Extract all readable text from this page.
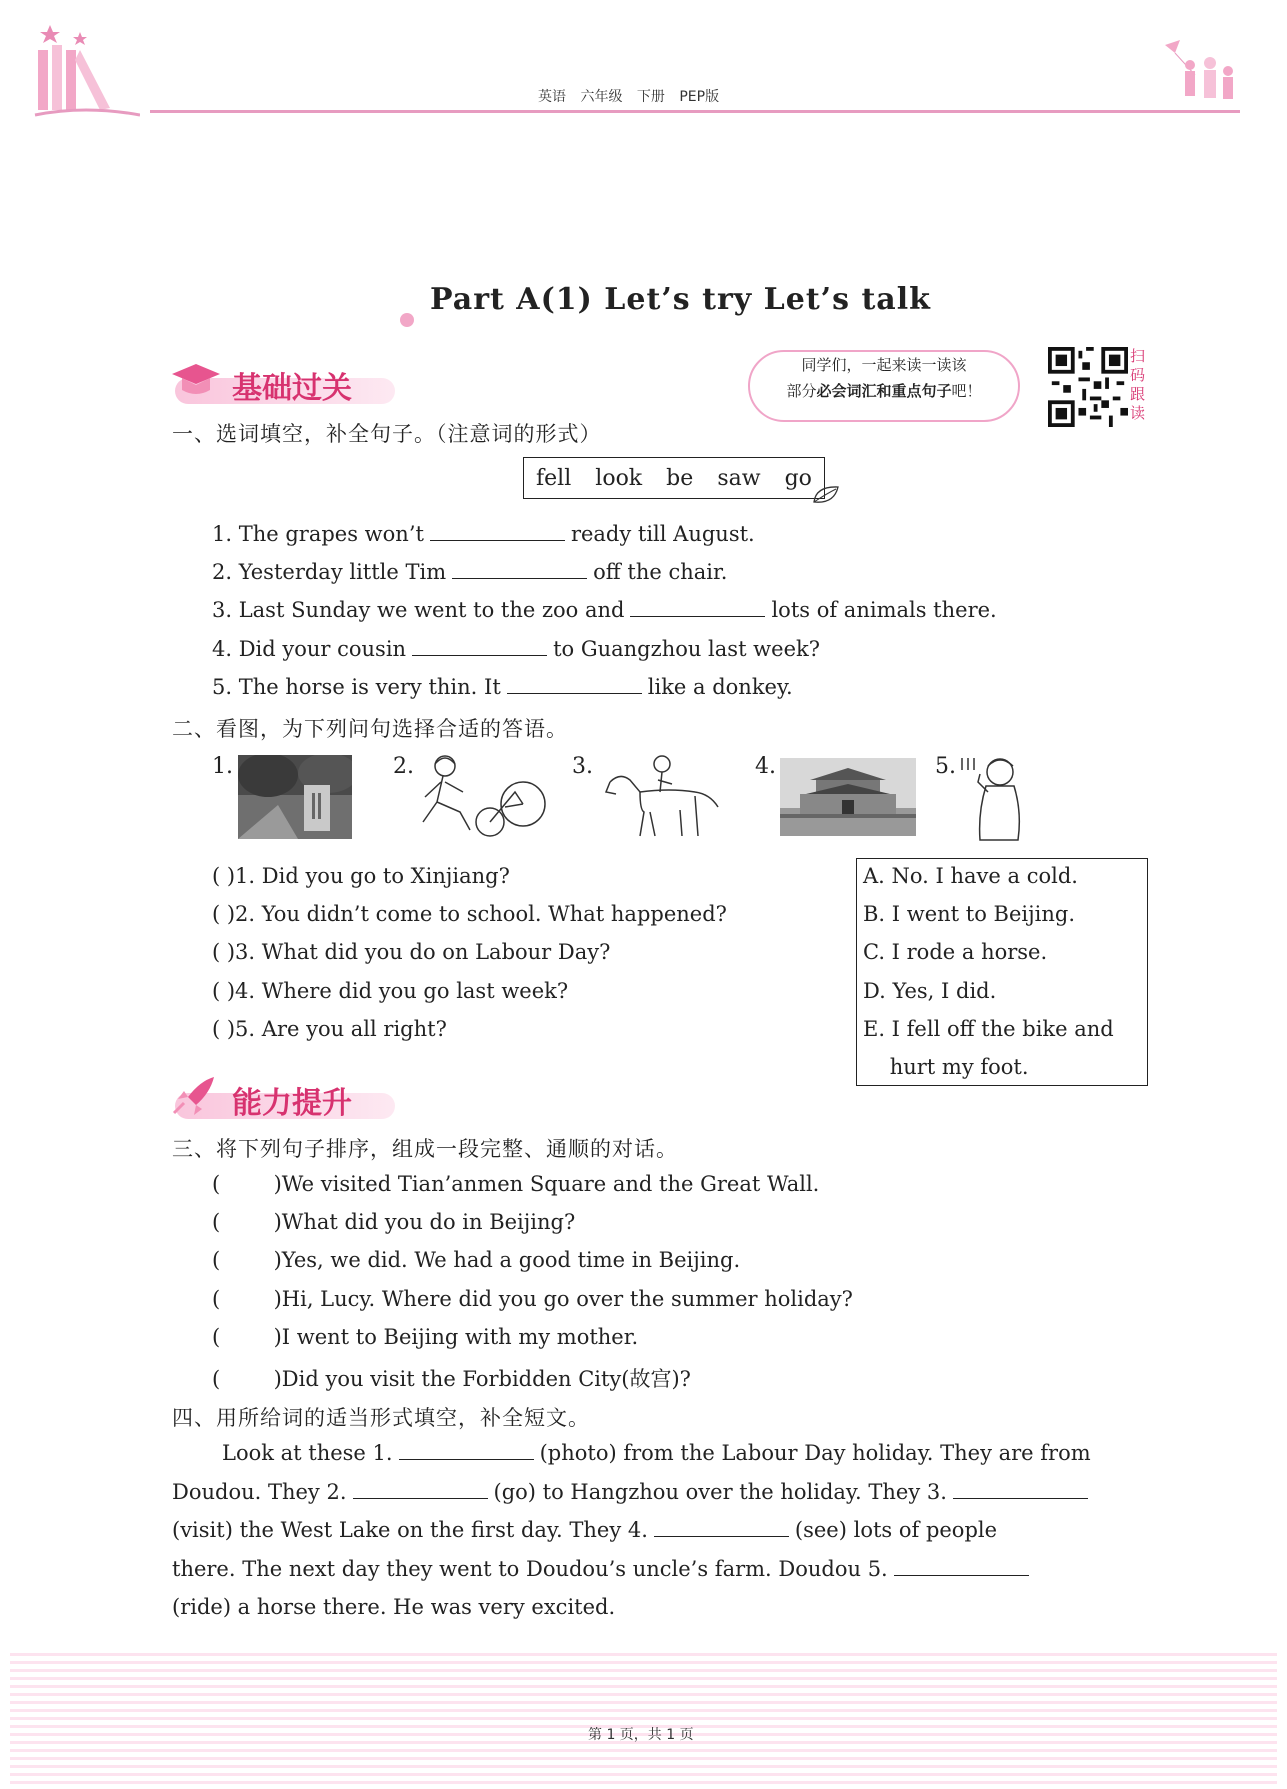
英语 六年级 下册 PEP版
Part A(1) Let’s try Let’s talk
基础过关
同学们，一起来读一读该
部分必会词汇和重点句子吧！
扫码跟读
一、选词填空，补全句子。（注意词的形式）
fell look be saw go
1. The grapes won’t	ready till August.
2. Yesterday little Tim	off the chair.
3. Last Sunday we went to the zoo and	lots of animals there.
4. Did your cousin	to Guangzhou last week?
5. The horse is very thin. It	like a donkey.
二、看图，为下列问句选择合适的答语。
1.	2.	3.	4.	5.
( )1. Did you go to Xinjiang?
( )2. You didn’t come to school. What happened?
( )3. What did you do on Labour Day?
( )4. Where did you go last week?
( )5. Are you all right?
A. No. I have a cold.
B. I went to Beijing.
C. I rode a horse.
D. Yes, I did.
E. I fell off the bike and
hurt my foot.
能力提升
三、将下列句子排序，组成一段完整、通顺的对话。
(        )We visited Tian’anmen Square and the Great Wall.
(        )What did you do in Beijing?
(        )Yes, we did. We had a good time in Beijing.
(        )Hi, Lucy. Where did you go over the summer holiday?
(        )I went to Beijing with my mother.
(        )Did you visit the Forbidden City(故宫)?
四、用所给词的适当形式填空，补全短文。
Look at these 1.	(photo) from the Labour Day holiday. They are from
Doudou. They 2.	(go) to Hangzhou over the holiday. They 3.
(visit) the West Lake on the first day. They 4.	(see) lots of people
there. The next day they went to Doudou’s uncle’s farm. Doudou 5.
(ride) a horse there. He was very excited.
第 1 页，共 1 页
